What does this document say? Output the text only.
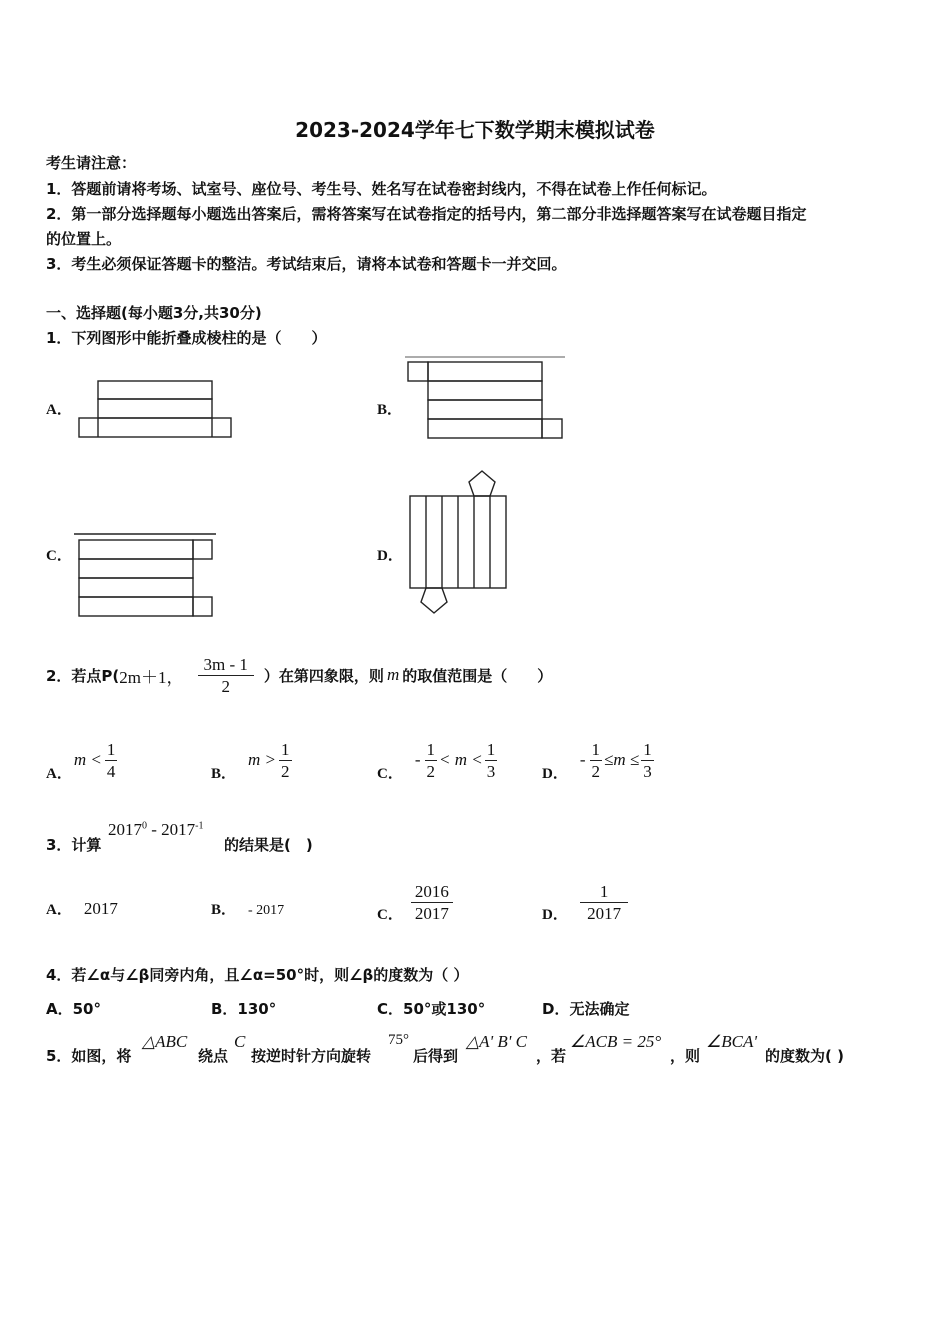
2023-2024学年七下数学期末模拟试卷
考生请注意：
1．答题前请将考场、试室号、座位号、考生号、姓名写在试卷密封线内，不得在试卷上作任何标记。
2．第一部分选择题每小题选出答案后，需将答案写在试卷指定的括号内，第二部分非选择题答案写在试卷题目指定
的位置上。
3．考生必须保证答题卡的整洁。考试结束后，请将本试卷和答题卡一并交回。
一、选择题(每小题3分,共30分)
1．下列图形中能折叠成棱柱的是（　　）
A．	B．
C．	D．
2．若点P( 2m＋1， $\frac{3m - 1}{2}$ ）在第四象限，则 m 的取值范围是（　　）
A．
$m < \frac{1}{4}$	B．
$m > \frac{1}{2}$	C．
- $\frac{1}{2} < m < \frac{1}{3}$	D．
- $\frac{1}{2} \le m \le \frac{1}{3}$
3．计算
$2017^0 - 2017^{-1}$
的结果是(　)
A． 2017	B． - 2017	C． $\frac{2016}{2017}$	D． $\frac{1}{2017}$
4．若∠α与∠β同旁内角，且∠α=50°时，则∠β的度数为（ ）
A．50°	B．130°	C．50°或130°	D．无法确定
5．如图，将
△ABC
绕点
C
按逆时针方向旋转
75°
后得到
△A' B' C
，若
∠ACB = 25°
，则
∠BCA'
的度数为( )
